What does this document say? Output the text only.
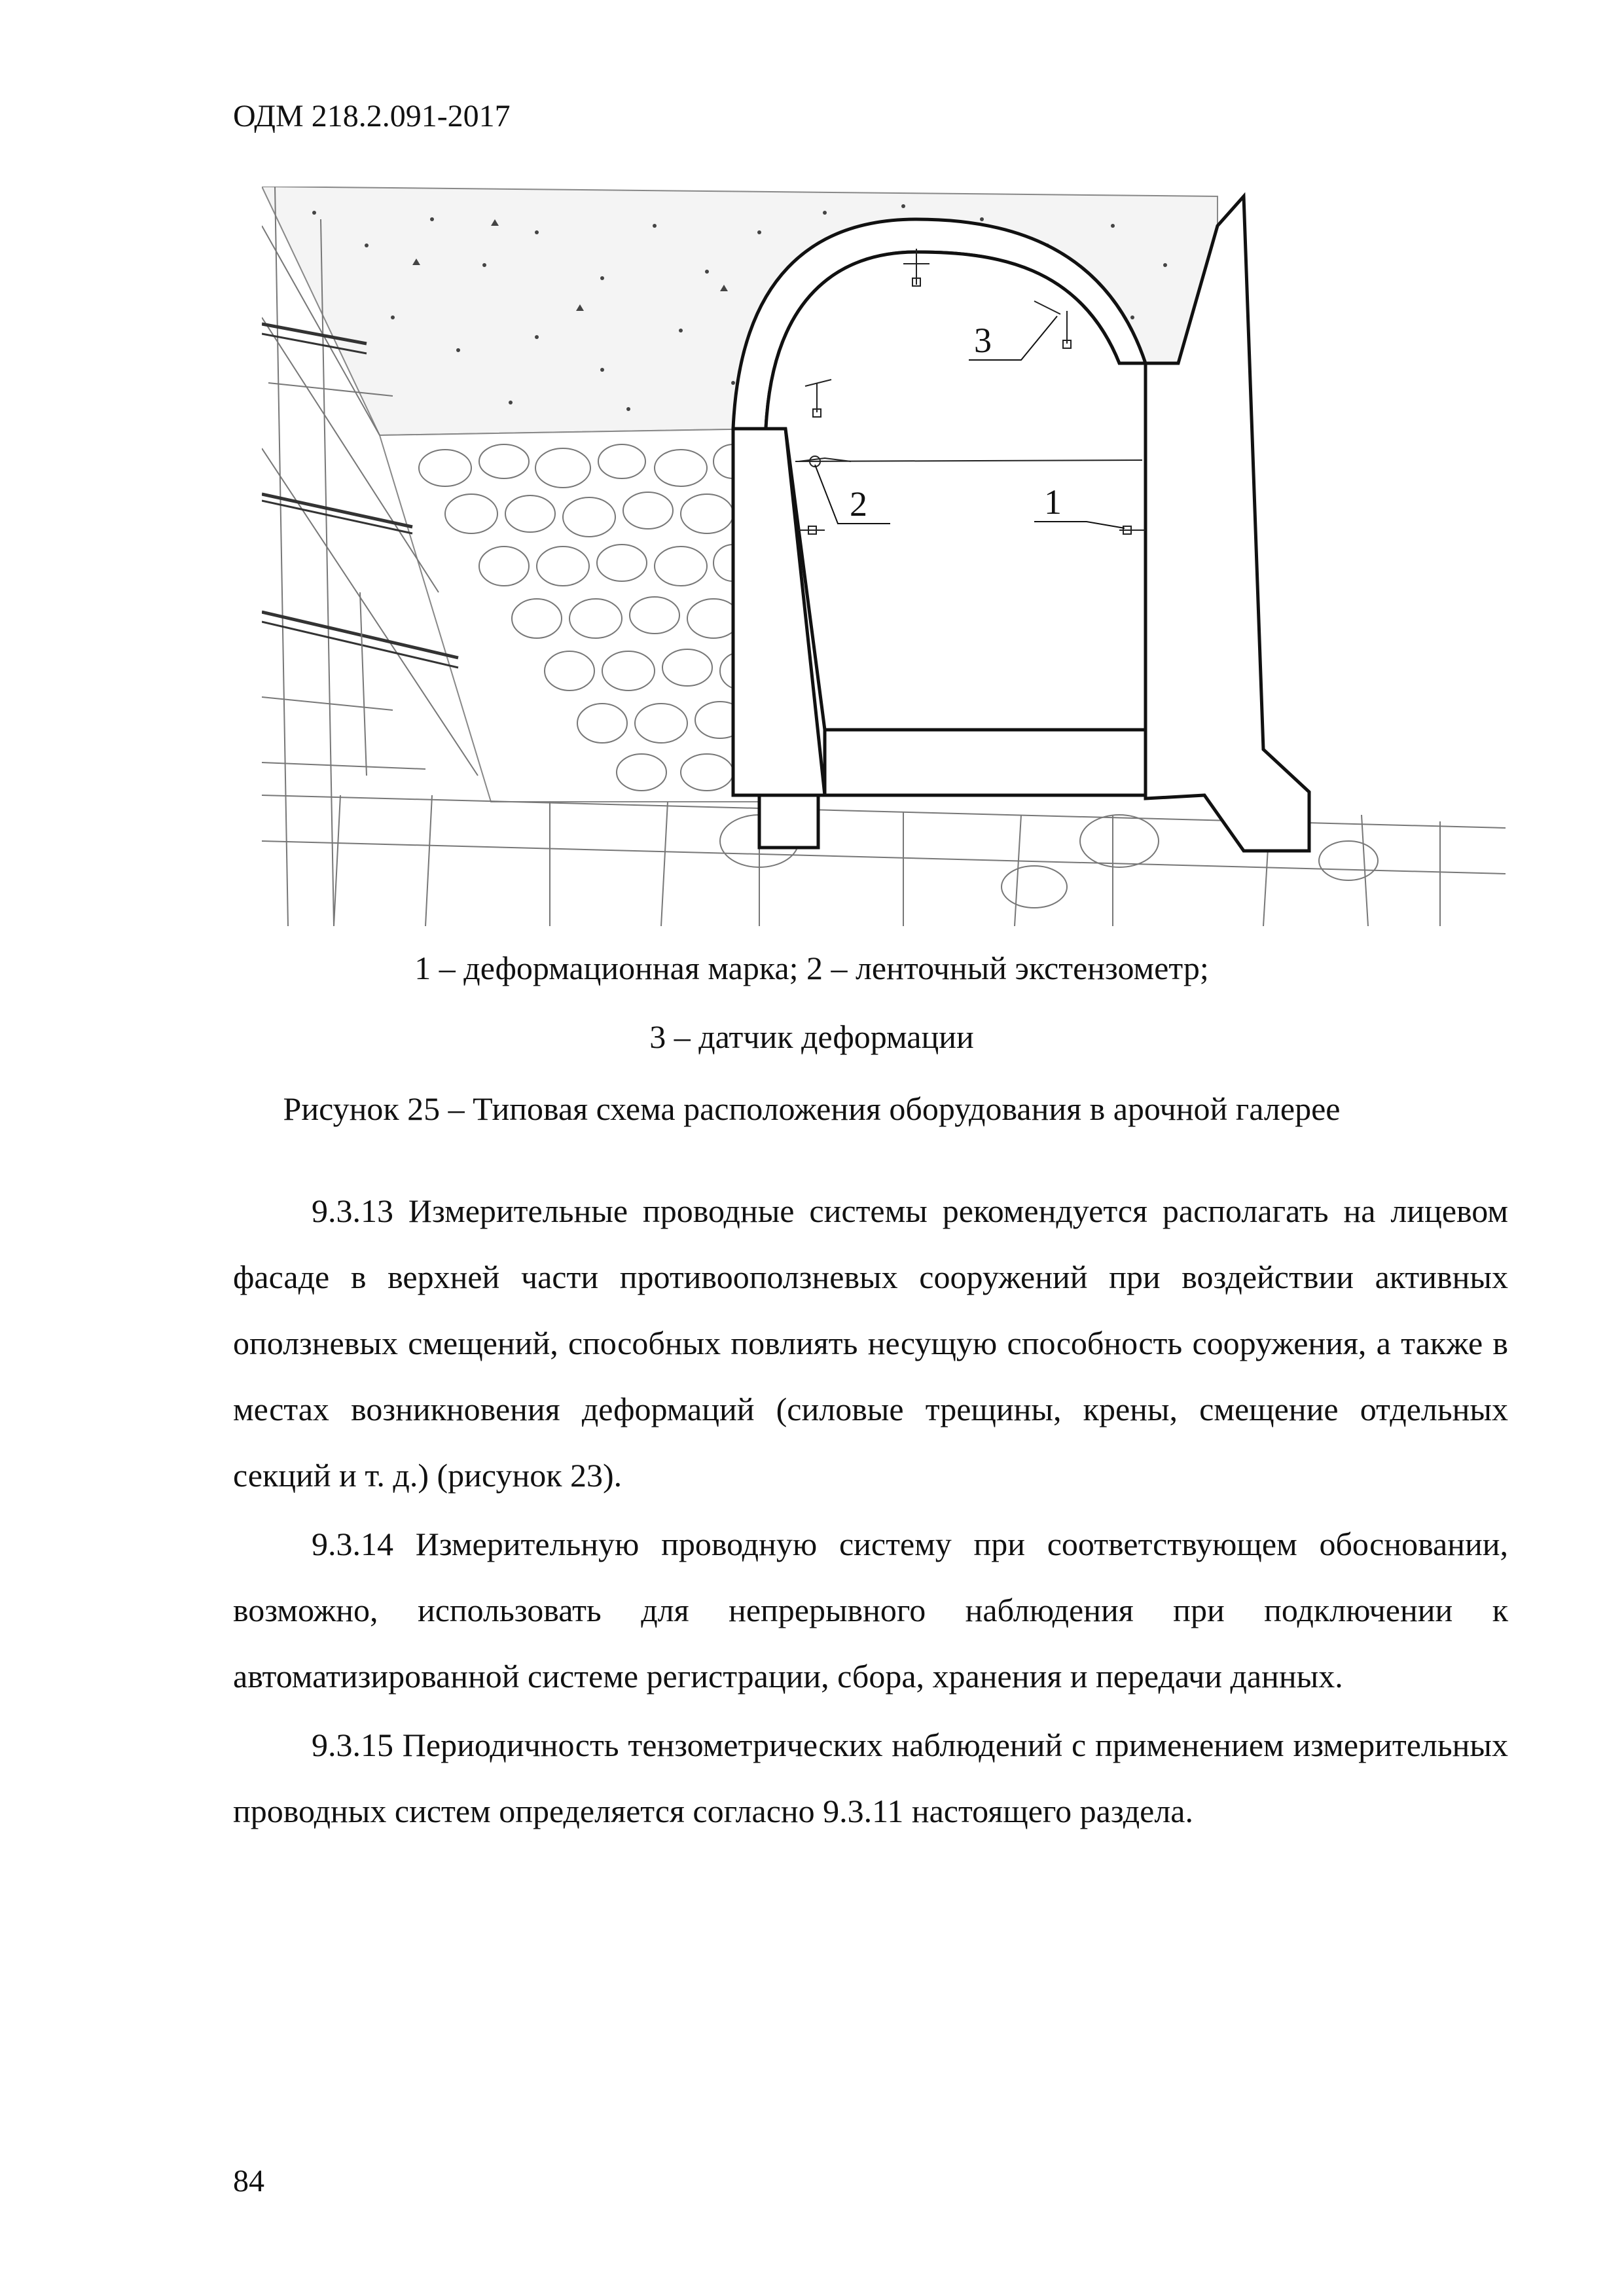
ОДМ 218.2.091-2017
1
2
3
1 – деформационная марка; 2 – ленточный экстензометр;
3 – датчик деформации
Рисунок 25 – Типовая схема расположения оборудования в арочной галерее

9.3.13 Измерительные проводные системы рекомендуется располагать на лицевом фасаде в верхней части противооползневых сооружений при воздействии активных оползневых смещений, способных повлиять несущую способность сооружения, а также в местах возникновения деформаций (силовые трещины, крены, смещение отдельных секций и т. д.) (рисунок 23).

9.3.14 Измерительную проводную систему при соответствующем обосновании, возможно, использовать для непрерывного наблюдения при подключении к автоматизированной системе регистрации, сбора, хранения и передачи данных.

9.3.15 Периодичность тензометрических наблюдений с применением измерительных проводных систем определяется согласно 9.3.11 настоящего раздела.

84
